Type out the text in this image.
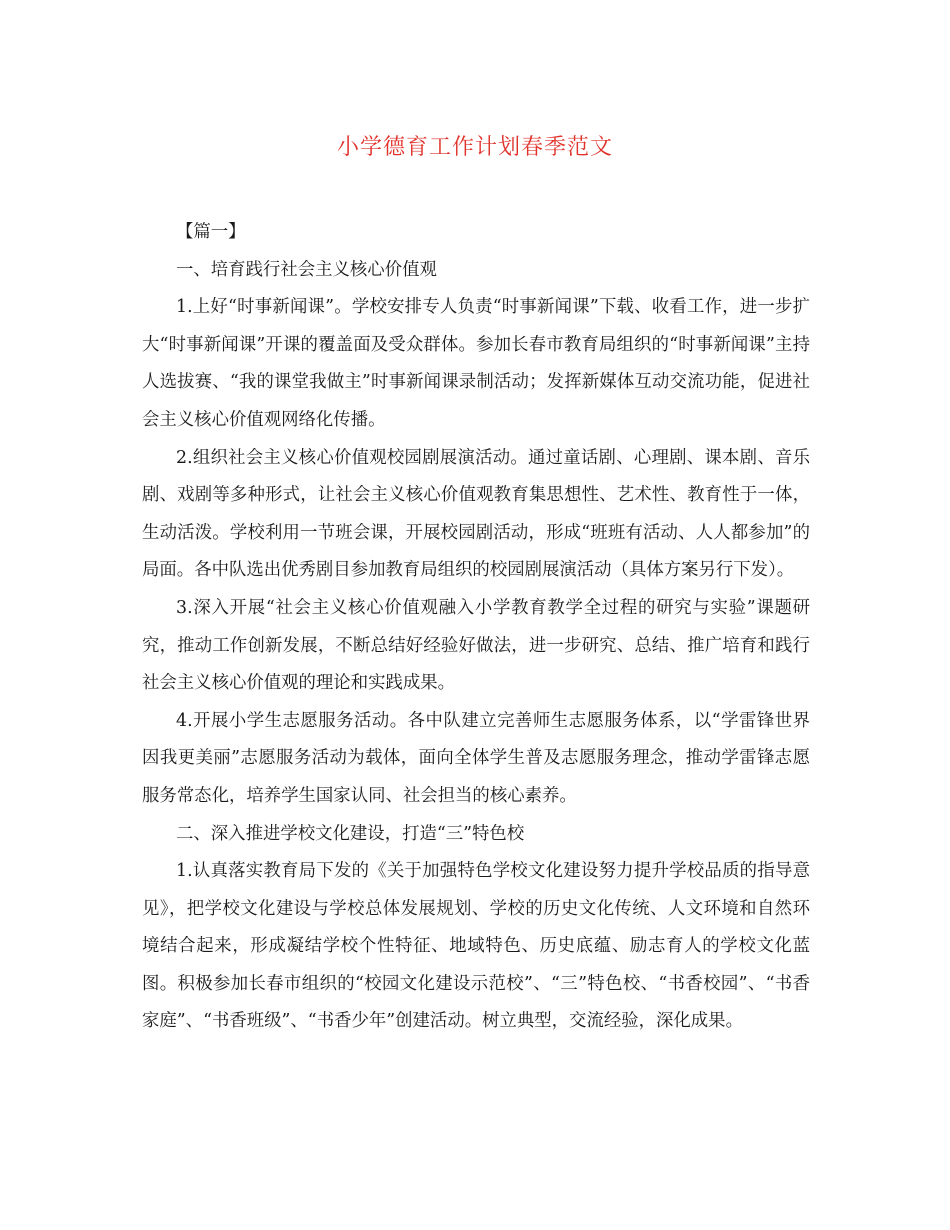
小学德育工作计划春季范文

【篇一】

一、培育践行社会主义核心价值观

1.上好“时事新闻课”。学校安排专人负责“时事新闻课”下载、收看工作，进一步扩大“时事新闻课”开课的覆盖面及受众群体。参加长春市教育局组织的“时事新闻课”主持人选拔赛、“我的课堂我做主”时事新闻课录制活动；发挥新媒体互动交流功能，促进社会主义核心价值观网络化传播。

2.组织社会主义核心价值观校园剧展演活动。通过童话剧、心理剧、课本剧、音乐剧、戏剧等多种形式，让社会主义核心价值观教育集思想性、艺术性、教育性于一体，生动活泼。学校利用一节班会课，开展校园剧活动，形成“班班有活动、人人都参加”的局面。各中队选出优秀剧目参加教育局组织的校园剧展演活动（具体方案另行下发）。

3.深入开展“社会主义核心价值观融入小学教育教学全过程的研究与实验”课题研究，推动工作创新发展，不断总结好经验好做法，进一步研究、总结、推广培育和践行社会主义核心价值观的理论和实践成果。

4.开展小学生志愿服务活动。各中队建立完善师生志愿服务体系，以“学雷锋世界因我更美丽”志愿服务活动为载体，面向全体学生普及志愿服务理念，推动学雷锋志愿服务常态化，培养学生国家认同、社会担当的核心素养。

二、深入推进学校文化建设，打造“三”特色校

1.认真落实教育局下发的《关于加强特色学校文化建设努力提升学校品质的指导意见》，把学校文化建设与学校总体发展规划、学校的历史文化传统、人文环境和自然环境结合起来，形成凝结学校个性特征、地域特色、历史底蕴、励志育人的学校文化蓝图。积极参加长春市组织的“校园文化建设示范校”、“三”特色校、“书香校园”、“书香家庭”、“书香班级”、“书香少年”创建活动。树立典型，交流经验，深化成果。
